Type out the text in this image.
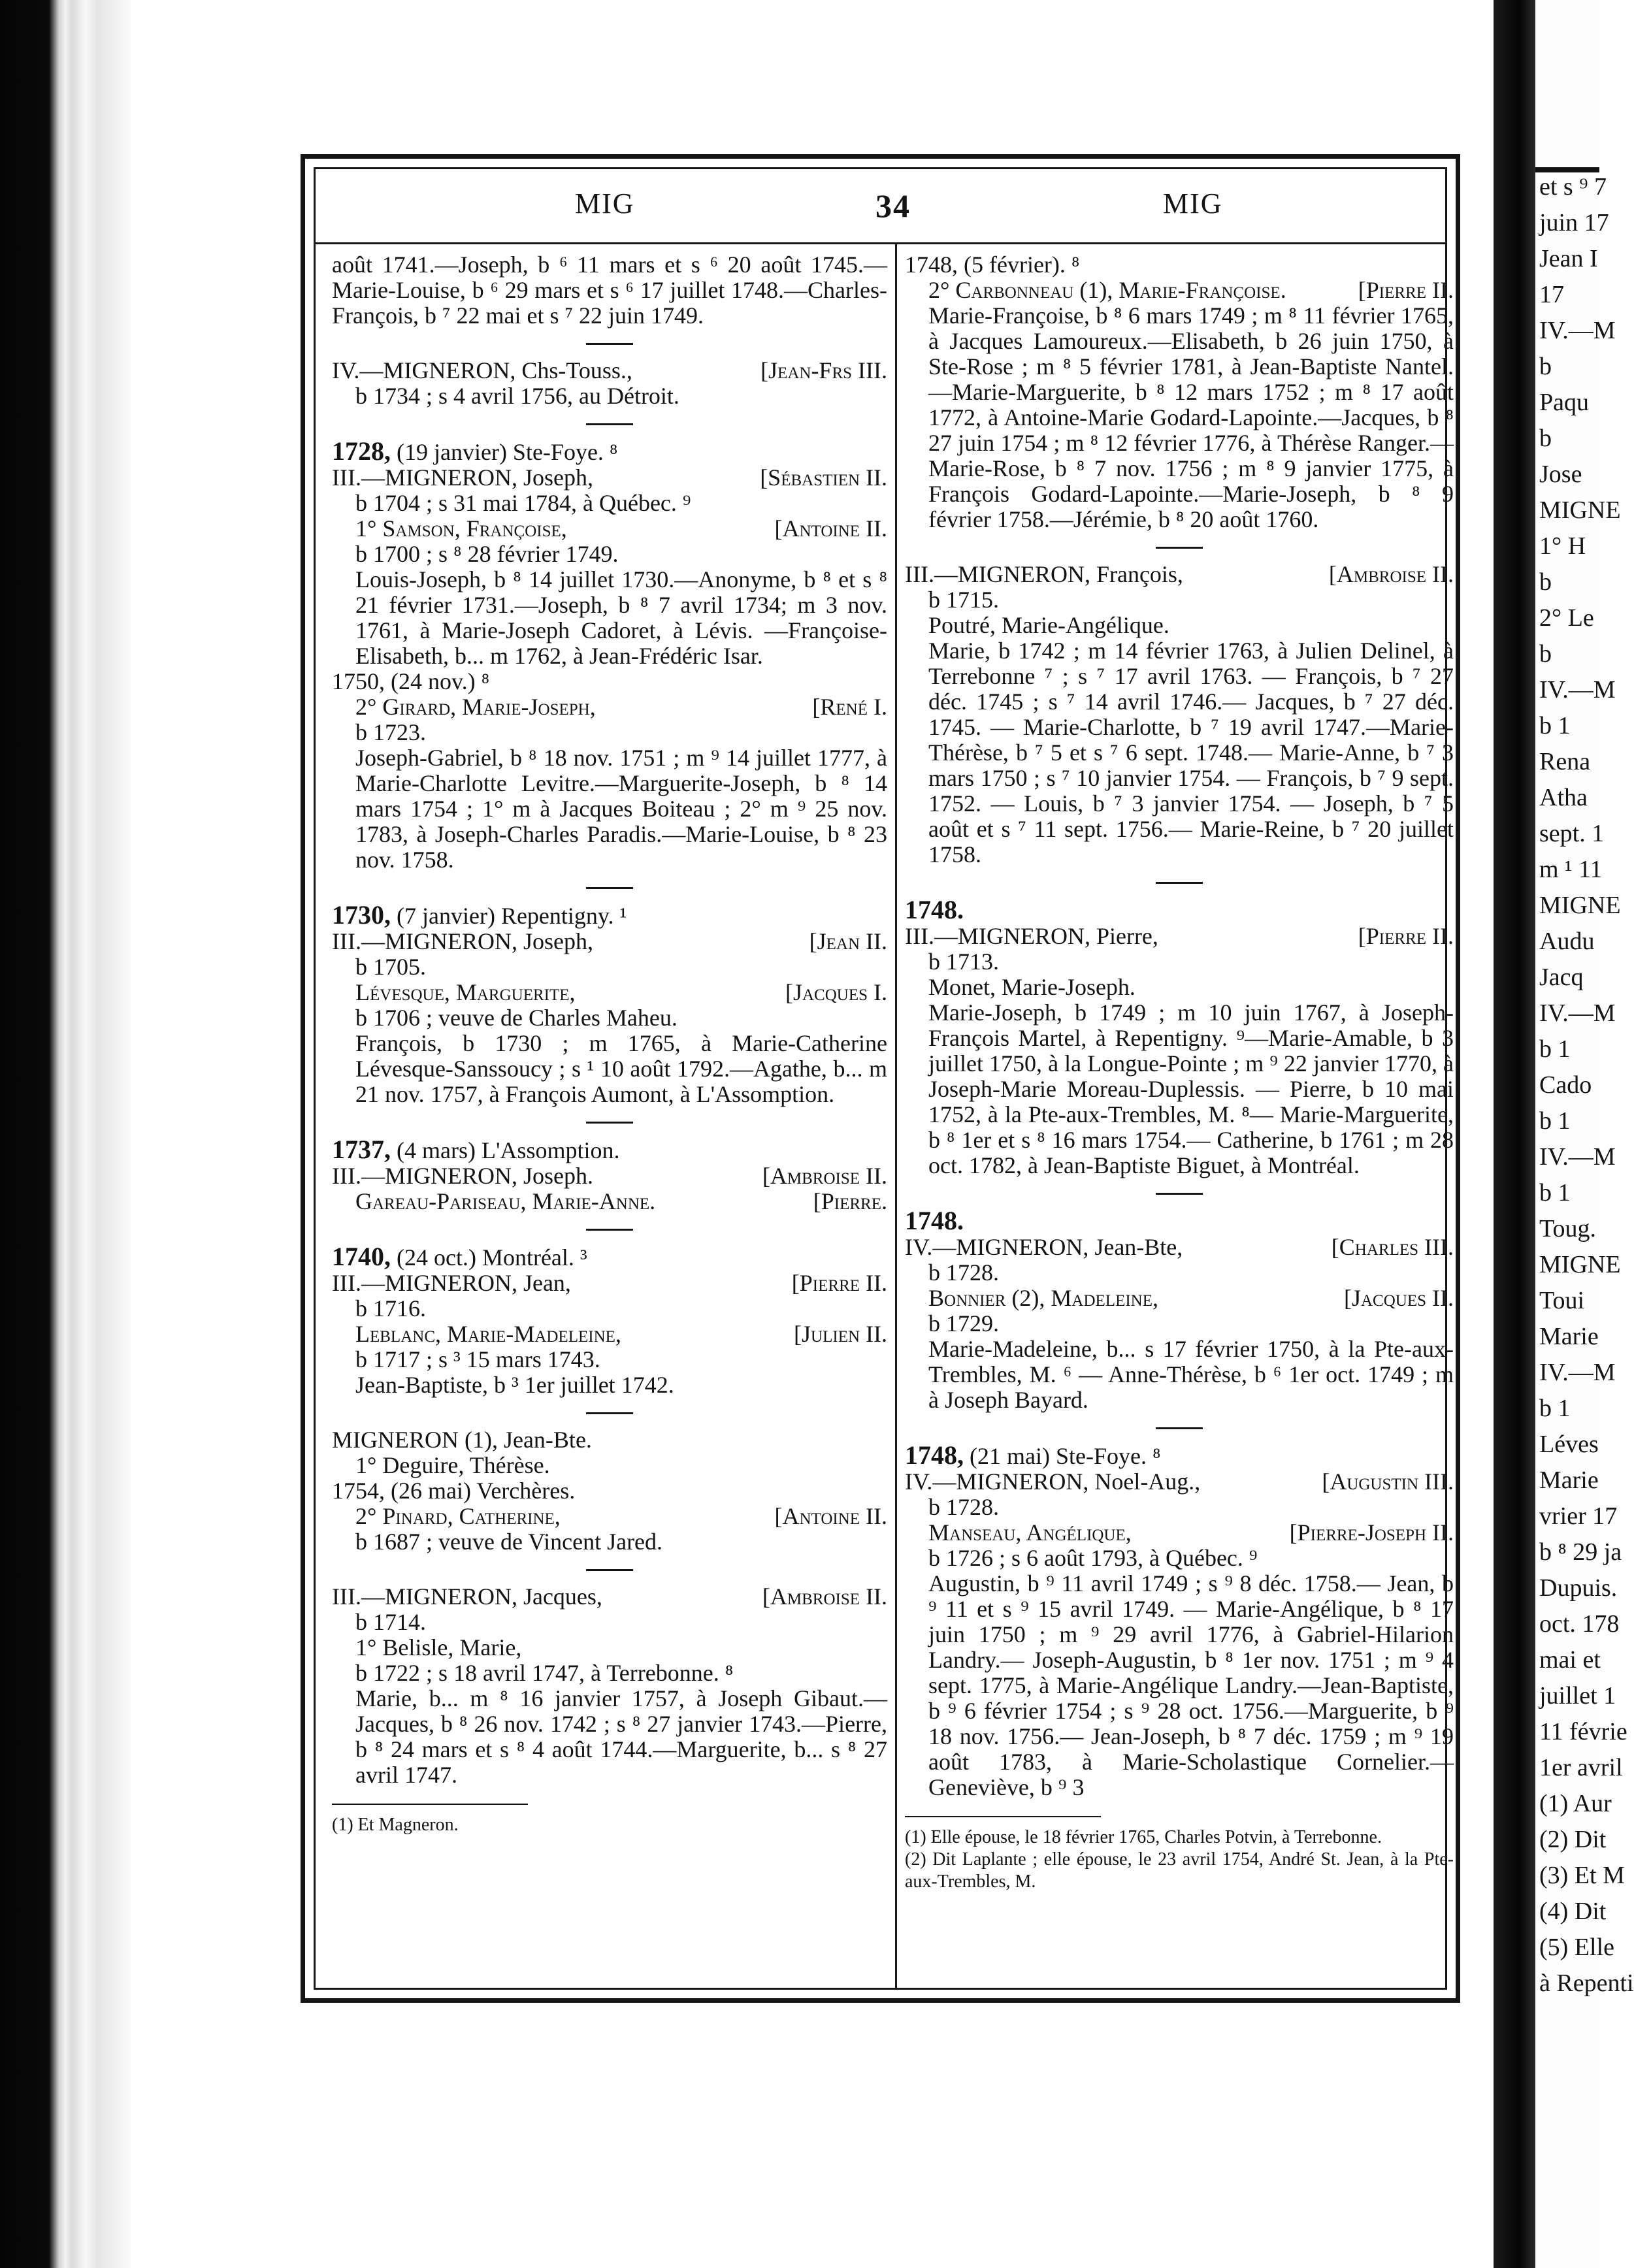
et s ⁹ 7
juin 17
Jean I
17
IV.—M
b
Paqu
b
Jose
MIGNE
1° H
b
2° Le
b
IV.—M
b 1
Rena
Atha
sept. 1
m ¹ 11
MIGNE
Audu
Jacq
IV.—M
b 1
Cado
b 1
IV.—M
b 1
Toug.
MIGNE
Toui
Marie
IV.—M
b 1
Léves
Marie
vrier 17
b ⁸ 29 ja
Dupuis.
oct. 178
mai et
juillet 1
11 févrie
1er avril
(1) Aur
(2) Dit
(3) Et M
(4) Dit
(5) Elle
à Repenti
MIG	34	MIG

août 1741.—Joseph, b ⁶ 11 mars et s ⁶ 20 août 1745.—Marie-Louise, b ⁶ 29 mars et s ⁶ 17 juillet 1748.—Charles-François, b ⁷ 22 mai et s ⁷ 22 juin 1749.

IV.—MIGNERON, Chs-Touss.,	[Jean-Frs III.

b 1734 ; s 4 avril 1756, au Détroit.

1728, (19 janvier) Ste-Foye. ⁸

III.—MIGNERON, Joseph,	[Sébastien II.

b 1704 ; s 31 mai 1784, à Québec. ⁹

1° Samson, Françoise,	[Antoine II.

b 1700 ; s ⁸ 28 février 1749.

Louis-Joseph, b ⁸ 14 juillet 1730.—Anonyme, b ⁸ et s ⁸ 21 février 1731.—Joseph, b ⁸ 7 avril 1734; m 3 nov. 1761, à Marie-Joseph Cadoret, à Lévis. —Françoise-Elisabeth, b... m 1762, à Jean-Frédéric Isar.

1750, (24 nov.) ⁸

2° Girard, Marie-Joseph,	[René I.

b 1723.

Joseph-Gabriel, b ⁸ 18 nov. 1751 ; m ⁹ 14 juillet 1777, à Marie-Charlotte Levitre.—Marguerite-Joseph, b ⁸ 14 mars 1754 ; 1° m à Jacques Boiteau ; 2° m ⁹ 25 nov. 1783, à Joseph-Charles Paradis.—Marie-Louise, b ⁸ 23 nov. 1758.

1730, (7 janvier) Repentigny. ¹

III.—MIGNERON, Joseph,	[Jean II.

b 1705.

Lévesque, Marguerite,	[Jacques I.

b 1706 ; veuve de Charles Maheu.

François, b 1730 ; m 1765, à Marie-Catherine Lévesque-Sanssoucy ; s ¹ 10 août 1792.—Agathe, b... m 21 nov. 1757, à François Aumont, à L'Assomption.

1737, (4 mars) L'Assomption.

III.—MIGNERON, Joseph.	[Ambroise II.
Gareau-Pariseau, Marie-Anne.	[Pierre.

1740, (24 oct.) Montréal. ³

III.—MIGNERON, Jean,	[Pierre II.

b 1716.

Leblanc, Marie-Madeleine,	[Julien II.

b 1717 ; s ³ 15 mars 1743.

Jean-Baptiste, b ³ 1er juillet 1742.

MIGNERON (1), Jean-Bte.

1° Deguire, Thérèse.

1754, (26 mai) Verchères.

2° Pinard, Catherine,	[Antoine II.

b 1687 ; veuve de Vincent Jared.

III.—MIGNERON, Jacques,	[Ambroise II.

b 1714.

1° Belisle, Marie,

b 1722 ; s 18 avril 1747, à Terrebonne. ⁸

Marie, b... m ⁸ 16 janvier 1757, à Joseph Gibaut.—Jacques, b ⁸ 26 nov. 1742 ; s ⁸ 27 janvier 1743.—Pierre, b ⁸ 24 mars et s ⁸ 4 août 1744.—Marguerite, b... s ⁸ 27 avril 1747.

(1) Et Magneron.

1748, (5 février). ⁸

2° Carbonneau (1), Marie-Françoise.	[Pierre II.

Marie-Françoise, b ⁸ 6 mars 1749 ; m ⁸ 11 février 1765, à Jacques Lamoureux.—Elisabeth, b 26 juin 1750, à Ste-Rose ; m ⁸ 5 février 1781, à Jean-Baptiste Nantel.—Marie-Marguerite, b ⁸ 12 mars 1752 ; m ⁸ 17 août 1772, à Antoine-Marie Godard-Lapointe.—Jacques, b ⁸ 27 juin 1754 ; m ⁸ 12 février 1776, à Thérèse Ranger.—Marie-Rose, b ⁸ 7 nov. 1756 ; m ⁸ 9 janvier 1775, à François Godard-Lapointe.—Marie-Joseph, b ⁸ 9 février 1758.—Jérémie, b ⁸ 20 août 1760.

III.—MIGNERON, François,	[Ambroise II.

b 1715.

Poutré, Marie-Angélique.

Marie, b 1742 ; m 14 février 1763, à Julien Delinel, à Terrebonne ⁷ ; s ⁷ 17 avril 1763. — François, b ⁷ 27 déc. 1745 ; s ⁷ 14 avril 1746.— Jacques, b ⁷ 27 déc. 1745. — Marie-Charlotte, b ⁷ 19 avril 1747.—Marie-Thérèse, b ⁷ 5 et s ⁷ 6 sept. 1748.— Marie-Anne, b ⁷ 3 mars 1750 ; s ⁷ 10 janvier 1754. — François, b ⁷ 9 sept. 1752. — Louis, b ⁷ 3 janvier 1754. — Joseph, b ⁷ 5 août et s ⁷ 11 sept. 1756.— Marie-Reine, b ⁷ 20 juillet 1758.

1748.

III.—MIGNERON, Pierre,	[Pierre II.

b 1713.

Monet, Marie-Joseph.

Marie-Joseph, b 1749 ; m 10 juin 1767, à Joseph-François Martel, à Repentigny. ⁹—Marie-Amable, b 3 juillet 1750, à la Longue-Pointe ; m ⁹ 22 janvier 1770, à Joseph-Marie Moreau-Duplessis. — Pierre, b 10 mai 1752, à la Pte-aux-Trembles, M. ⁸— Marie-Marguerite, b ⁸ 1er et s ⁸ 16 mars 1754.— Catherine, b 1761 ; m 28 oct. 1782, à Jean-Baptiste Biguet, à Montréal.

1748.

IV.—MIGNERON, Jean-Bte,	[Charles III.

b 1728.

Bonnier (2), Madeleine,	[Jacques II.

b 1729.

Marie-Madeleine, b... s 17 février 1750, à la Pte-aux-Trembles, M. ⁶ — Anne-Thérèse, b ⁶ 1er oct. 1749 ; m à Joseph Bayard.

1748, (21 mai) Ste-Foye. ⁸

IV.—MIGNERON, Noel-Aug.,	[Augustin III.

b 1728.

Manseau, Angélique,	[Pierre-Joseph II.

b 1726 ; s 6 août 1793, à Québec. ⁹

Augustin, b ⁹ 11 avril 1749 ; s ⁹ 8 déc. 1758.— Jean, b ⁹ 11 et s ⁹ 15 avril 1749. — Marie-Angélique, b ⁸ 17 juin 1750 ; m ⁹ 29 avril 1776, à Gabriel-Hilarion Landry.— Joseph-Augustin, b ⁸ 1er nov. 1751 ; m ⁹ 4 sept. 1775, à Marie-Angélique Landry.—Jean-Baptiste, b ⁹ 6 février 1754 ; s ⁹ 28 oct. 1756.—Marguerite, b ⁹ 18 nov. 1756.— Jean-Joseph, b ⁸ 7 déc. 1759 ; m ⁹ 19 août 1783, à Marie-Scholastique Cornelier.— Geneviève, b ⁹ 3

(1) Elle épouse, le 18 février 1765, Charles Potvin, à Terrebonne.

(2) Dit Laplante ; elle épouse, le 23 avril 1754, André St. Jean, à la Pte-aux-Trembles, M.
